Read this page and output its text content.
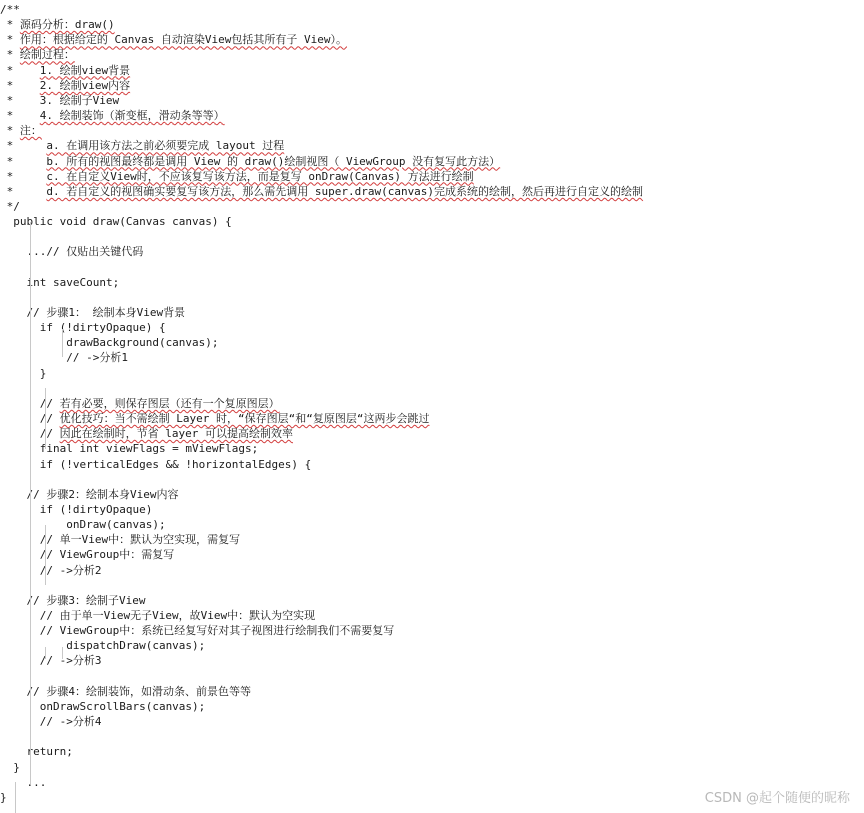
/**
* 源码分析：draw()
* 作用：根据给定的 Canvas 自动渲染View包括其所有子 View）。
* 绘制过程：
*    1. 绘制view背景
*    2. 绘制view内容
*    3. 绘制子View
*    4. 绘制装饰（渐变框，滑动条等等）
* 注：
*     a. 在调用该方法之前必须要完成 layout 过程
*     b. 所有的视图最终都是调用 View 的 draw()绘制视图（ ViewGroup 没有复写此方法）
*     c. 在自定义View时，不应该复写该方法，而是复写 onDraw(Canvas) 方法进行绘制
*     d. 若自定义的视图确实要复写该方法，那么需先调用 super.draw(canvas)完成系统的绘制，然后再进行自定义的绘制
*/
public void draw(Canvas canvas) {
...// 仅贴出关键代码
int saveCount;
// 步骤1： 绘制本身View背景
if (!dirtyOpaque) {
drawBackground(canvas);
// ->分析1
}
// 若有必要，则保存图层（还有一个复原图层）
// 优化技巧：当不需绘制 Layer 时，“保存图层“和“复原图层“这两步会跳过
// 因此在绘制时，节省 layer 可以提高绘制效率
final int viewFlags = mViewFlags;
if (!verticalEdges && !horizontalEdges) {
// 步骤2：绘制本身View内容
if (!dirtyOpaque)
onDraw(canvas);
// 单一View中：默认为空实现，需复写
// ViewGroup中：需复写
// ->分析2
// 步骤3：绘制子View
// 由于单一View无子View，故View中：默认为空实现
// ViewGroup中：系统已经复写好对其子视图进行绘制我们不需要复写
dispatchDraw(canvas);
// ->分析3
// 步骤4：绘制装饰，如滑动条、前景色等等
onDrawScrollBars(canvas);
// ->分析4
return;
}
...
}	CSDN @起个随便的昵称
